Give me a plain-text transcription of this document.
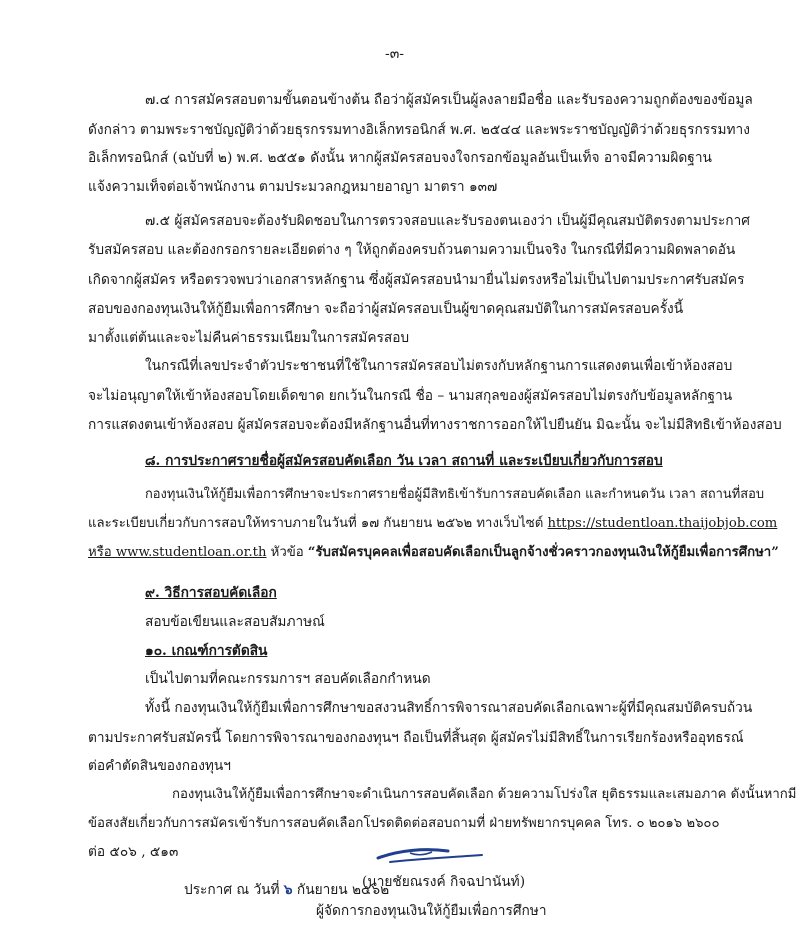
-๓-
๗.๔ การสมัครสอบตามขั้นตอนข้างต้น ถือว่าผู้สมัครเป็นผู้ลงลายมือชื่อ และรับรองความถูกต้องของข้อมูล
ดังกล่าว ตามพระราชบัญญัติว่าด้วยธุรกรรมทางอิเล็กทรอนิกส์ พ.ศ. ๒๕๔๔ และพระราชบัญญัติว่าด้วยธุรกรรมทาง
อิเล็กทรอนิกส์ (ฉบับที่ ๒) พ.ศ. ๒๕๕๑ ดังนั้น หากผู้สมัครสอบจงใจกรอกข้อมูลอันเป็นเท็จ อาจมีความผิดฐาน
แจ้งความเท็จต่อเจ้าพนักงาน ตามประมวลกฎหมายอาญา มาตรา ๑๓๗
๗.๕ ผู้สมัครสอบจะต้องรับผิดชอบในการตรวจสอบและรับรองตนเองว่า เป็นผู้มีคุณสมบัติตรงตามประกาศ
รับสมัครสอบ และต้องกรอกรายละเอียดต่าง ๆ ให้ถูกต้องครบถ้วนตามความเป็นจริง ในกรณีที่มีความผิดพลาดอัน
เกิดจากผู้สมัคร หรือตรวจพบว่าเอกสารหลักฐาน ซึ่งผู้สมัครสอบนำมายื่นไม่ตรงหรือไม่เป็นไปตามประกาศรับสมัคร
สอบของกองทุนเงินให้กู้ยืมเพื่อการศึกษา จะถือว่าผู้สมัครสอบเป็นผู้ขาดคุณสมบัติในการสมัครสอบครั้งนี้
มาตั้งแต่ต้นและจะไม่คืนค่าธรรมเนียมในการสมัครสอบ
ในกรณีที่เลขประจำตัวประชาชนที่ใช้ในการสมัครสอบไม่ตรงกับหลักฐานการแสดงตนเพื่อเข้าห้องสอบ
จะไม่อนุญาตให้เข้าห้องสอบโดยเด็ดขาด ยกเว้นในกรณี ชื่อ – นามสกุลของผู้สมัครสอบไม่ตรงกับข้อมูลหลักฐาน
การแสดงตนเข้าห้องสอบ ผู้สมัครสอบจะต้องมีหลักฐานอื่นที่ทางราชการออกให้ไปยืนยัน มิฉะนั้น จะไม่มีสิทธิเข้าห้องสอบ
๘. การประกาศรายชื่อผู้สมัครสอบคัดเลือก วัน เวลา สถานที่ และระเบียบเกี่ยวกับการสอบ
กองทุนเงินให้กู้ยืมเพื่อการศึกษาจะประกาศรายชื่อผู้มีสิทธิเข้ารับการสอบคัดเลือก และกำหนดวัน เวลา สถานที่สอบ
และระเบียบเกี่ยวกับการสอบให้ทราบภายในวันที่ ๑๗ กันยายน ๒๕๖๒ ทางเว็บไซต์ https://studentloan.thaijobjob.com
หรือ www.studentloan.or.th หัวข้อ “รับสมัครบุคคลเพื่อสอบคัดเลือกเป็นลูกจ้างชั่วคราวกองทุนเงินให้กู้ยืมเพื่อการศึกษา”
๙. วิธีการสอบคัดเลือก
สอบข้อเขียนและสอบสัมภาษณ์
๑๐. เกณฑ์การตัดสิน
เป็นไปตามที่คณะกรรมการฯ สอบคัดเลือกกำหนด
ทั้งนี้ กองทุนเงินให้กู้ยืมเพื่อการศึกษาขอสงวนสิทธิ์การพิจารณาสอบคัดเลือกเฉพาะผู้ที่มีคุณสมบัติครบถ้วน
ตามประกาศรับสมัครนี้ โดยการพิจารณาของกองทุนฯ ถือเป็นที่สิ้นสุด ผู้สมัครไม่มีสิทธิ์ในการเรียกร้องหรืออุทธรณ์
ต่อคำตัดสินของกองทุนฯ
กองทุนเงินให้กู้ยืมเพื่อการศึกษาจะดำเนินการสอบคัดเลือก ด้วยความโปร่งใส ยุติธรรมและเสมอภาค ดังนั้นหากมี
ข้อสงสัยเกี่ยวกับการสมัครเข้ารับการสอบคัดเลือกโปรดติดต่อสอบถามที่ ฝ่ายทรัพยากรบุคคล โทร. ๐ ๒๐๑๖ ๒๖๐๐
ต่อ ๕๐๖ , ๕๑๓
ประกาศ ณ วันที่ ๖ กันยายน ๒๕๖๒
(นายชัยณรงค์ กิจฉปานันท์)
ผู้จัดการกองทุนเงินให้กู้ยืมเพื่อการศึกษา
